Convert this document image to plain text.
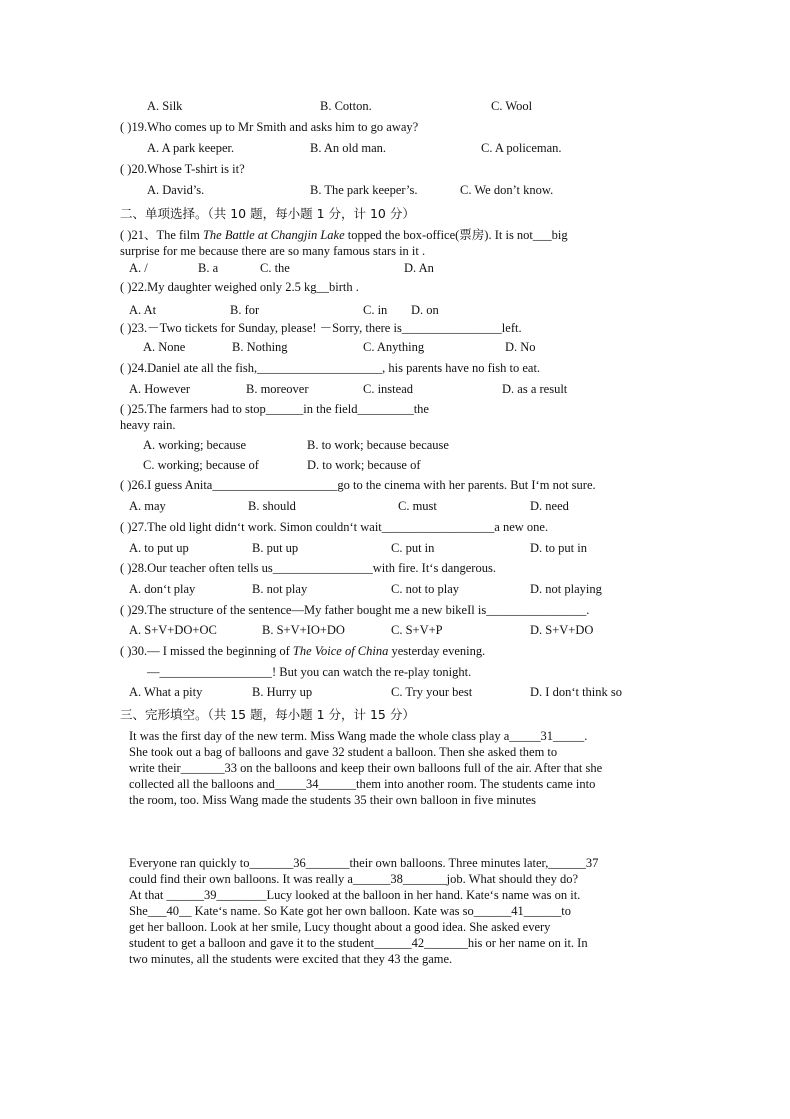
A. Silk	B. Cotton.	C. Wool
( )19.Who comes up to Mr Smith and asks him to go away?
A. A park keeper.	B. An old man.	C. A policeman.
( )20.Whose T-shirt is it?
A. David’s.	B. The park keeper’s.	C. We don’t know.
二、单项选择。（共 10 题，每小题 1 分，计 10 分）
( )21、The film The Battle at Changjin Lake topped the box-office(票房). It is not___big
surprise for me because there are so many famous stars in it .
A. /	B. a	C. the	D. An
( )22.My daughter weighed only 2.5 kg__birth .
A. At	B. for	C. in D. on
( )23.－Two tickets for Sunday, please! －Sorry, there is________________left.
A. None	B. Nothing	C. Anything	D. No
( )24.Daniel ate all the fish,____________________, his parents have no fish to eat.
A. However	B. moreover	C. instead	D. as a result
( )25.The farmers had to stop______in the field_________the
heavy rain.
A. working; because	B. to work; because because
C. working; because of	D. to work; because of
( )26.I guess Anita____________________go to the cinema with her parents. But I‘m not sure.
A. may	B. should	C. must	D. need
( )27.The old light didn‘t work. Simon couldn‘t wait__________________a new one.
A. to put up	B. put up	C. put in	D. to put in
( )28.Our teacher often tells us________________with fire. It‘s dangerous.
A. don‘t play	B. not play	C. not to play	D. not playing
( )29.The structure of the sentence—My father bought me a new bikeIl is________________.
A. S+V+DO+OC	B. S+V+IO+DO	C. S+V+P	D. S+V+DO
( )30.— I missed the beginning of The Voice of China yesterday evening.
—__________________! But you can watch the re-play tonight.
A. What a pity	B. Hurry up	C. Try your best	D. I don‘t think so
三、完形填空。（共 15 题，每小题 1 分，计 15 分）
It was the first day of the new term. Miss Wang made the whole class play a_____31_____.
She took out a bag of balloons and gave 32 student a balloon. Then she asked them to
write their_______33 on the balloons and keep their own balloons full of the air. After that she
collected all the balloons and_____34______them into another room. The students came into
the room, too. Miss Wang made the students 35 their own balloon in five minutes
Everyone ran quickly to_______36_______their own balloons. Three minutes later,______37
could find their own balloons. It was really a______38_______job. What should they do?
At that ______39________Lucy looked at the balloon in her hand. Kate‘s name was on it.
She___40__ Kate‘s name. So Kate got her own balloon. Kate was so______41______to
get her balloon. Look at her smile, Lucy thought about a good idea. She asked every
student to get a balloon and gave it to the student______42_______his or her name on it. In
two minutes, all the students were excited that they 43 the game.
